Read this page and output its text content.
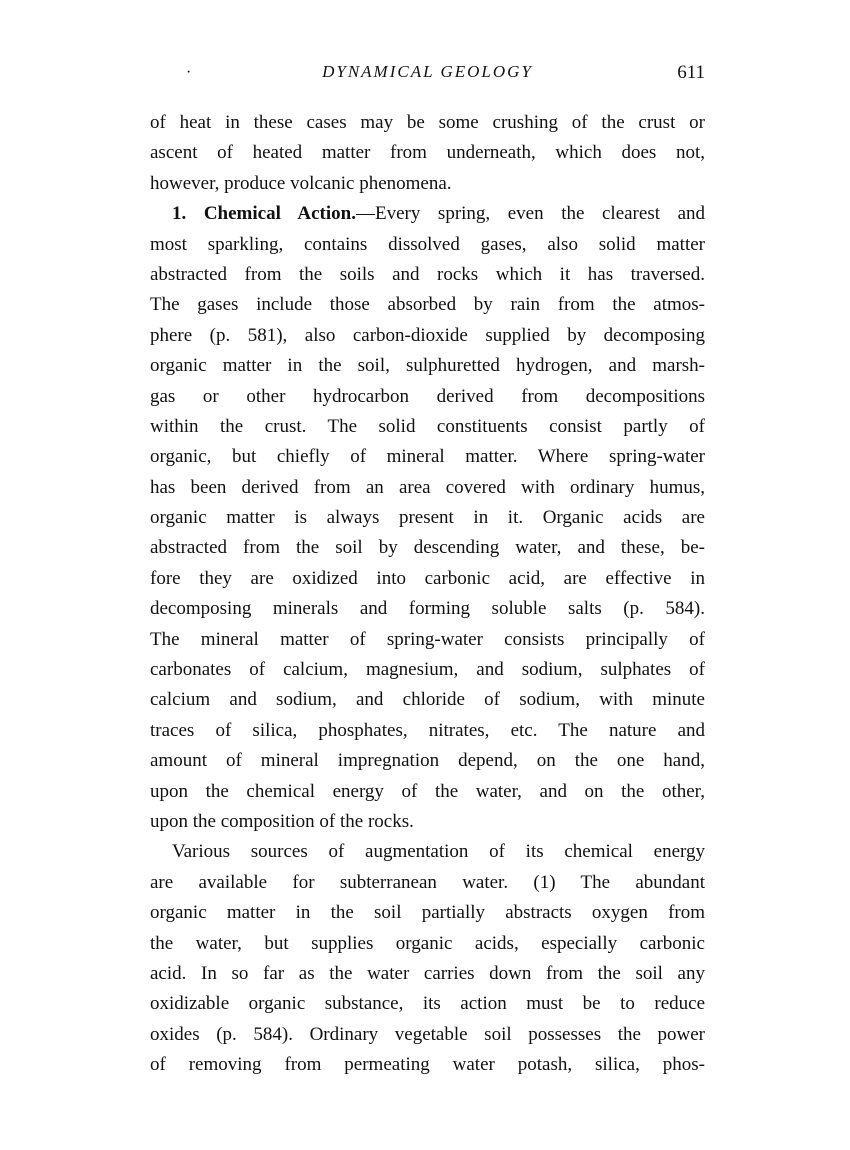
·	DYNAMICAL GEOLOGY	611
of heat in these cases may be some crushing of the crust or
ascent of heated matter from underneath, which does not,
however, produce volcanic phenomena.
1. Chemical Action.—Every spring, even the clearest and
most sparkling, contains dissolved gases, also solid matter
abstracted from the soils and rocks which it has traversed.
The gases include those absorbed by rain from the atmos-
phere (p. 581), also carbon-dioxide supplied by decomposing
organic matter in the soil, sulphuretted hydrogen, and marsh-
gas or other hydrocarbon derived from decompositions
within the crust. The solid constituents consist partly of
organic, but chiefly of mineral matter. Where spring-water
has been derived from an area covered with ordinary humus,
organic matter is always present in it. Organic acids are
abstracted from the soil by descending water, and these, be-
fore they are oxidized into carbonic acid, are effective in
decomposing minerals and forming soluble salts (p. 584).
The mineral matter of spring-water consists principally of
carbonates of calcium, magnesium, and sodium, sulphates of
calcium and sodium, and chloride of sodium, with minute
traces of silica, phosphates, nitrates, etc. The nature and
amount of mineral impregnation depend, on the one hand,
upon the chemical energy of the water, and on the other,
upon the composition of the rocks.
Various sources of augmentation of its chemical energy
are available for subterranean water. (1) The abundant
organic matter in the soil partially abstracts oxygen from
the water, but supplies organic acids, especially carbonic
acid. In so far as the water carries down from the soil any
oxidizable organic substance, its action must be to reduce
oxides (p. 584). Ordinary vegetable soil possesses the power
of removing from permeating water potash, silica, phos-
